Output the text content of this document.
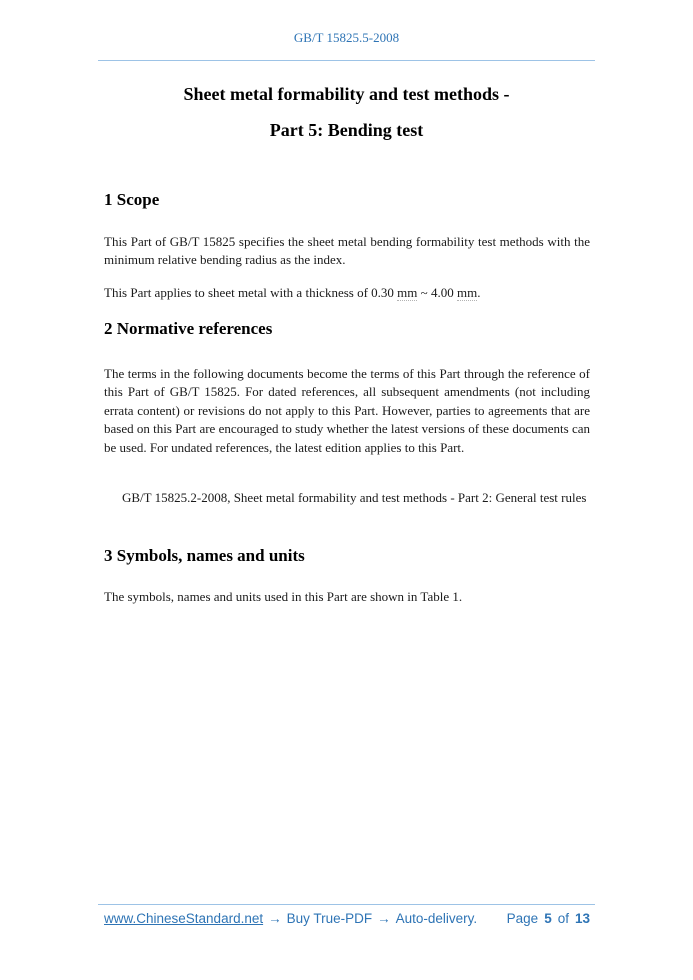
GB/T 15825.5-2008
Sheet metal formability and test methods -
Part 5: Bending test
1 Scope
This Part of GB/T 15825 specifies the sheet metal bending formability test methods with the minimum relative bending radius as the index.
This Part applies to sheet metal with a thickness of 0.30 mm ~ 4.00 mm.
2 Normative references
The terms in the following documents become the terms of this Part through the reference of this Part of GB/T 15825. For dated references, all subsequent amendments (not including errata content) or revisions do not apply to this Part. However, parties to agreements that are based on this Part are encouraged to study whether the latest versions of these documents can be used. For undated references, the latest edition applies to this Part.
GB/T 15825.2-2008, Sheet metal formability and test methods - Part 2: General test rules
3 Symbols, names and units
The symbols, names and units used in this Part are shown in Table 1.
www.ChineseStandard.net → Buy True-PDF → Auto-delivery. Page 5 of 13
